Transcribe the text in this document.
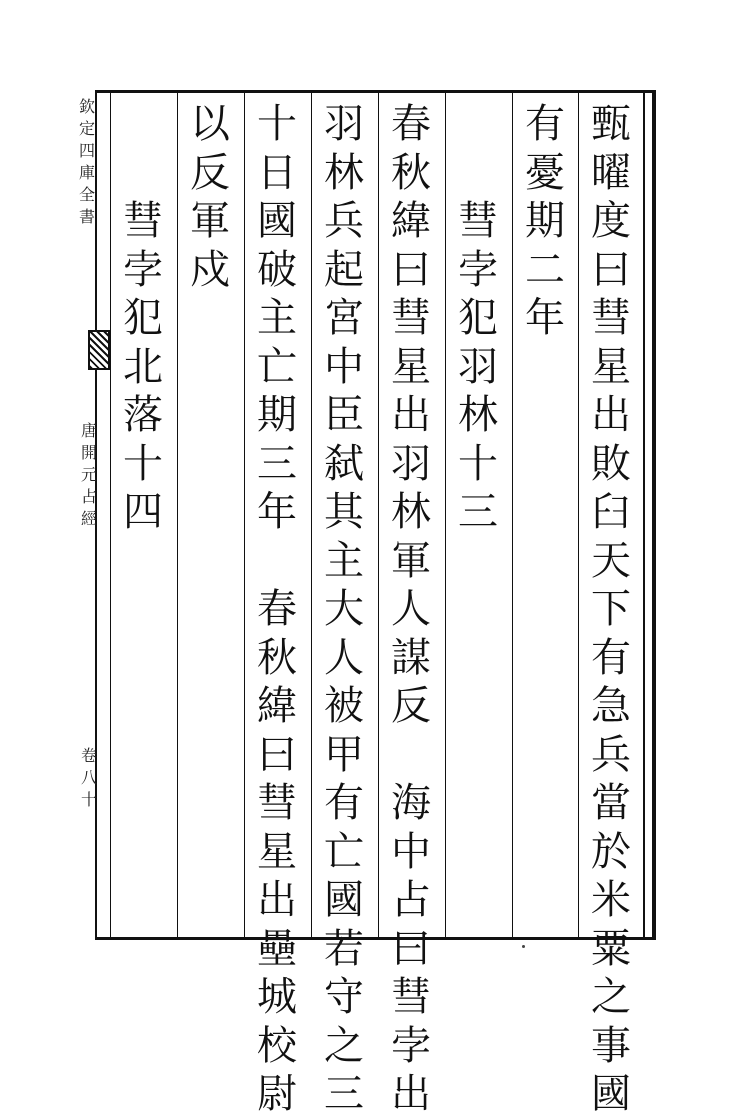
甄
曜
度
曰
彗
星
出
敗
臼
天
下
有
急
兵
當
於
米
粟
之
事
國
有
憂
期
二
年
彗
孛
犯
羽
林
十
三
春
秋
緯
曰
彗
星
出
羽
林
軍
人
謀
反

海
中
占
曰
彗
孛
出
羽
林
兵
起
宮
中
臣
弑
其
主
大
人
被
甲
有
亡
國
若
守
之
三
十
日
國
破
主
亡
期
三
年

春
秋
緯
曰
彗
星
出
壘
城
校
尉
以
反
軍
戍
彗
孛
犯
北
落
十
四
欽
定
四
庫
全
書
唐
開
元
占
經
卷
八
十
